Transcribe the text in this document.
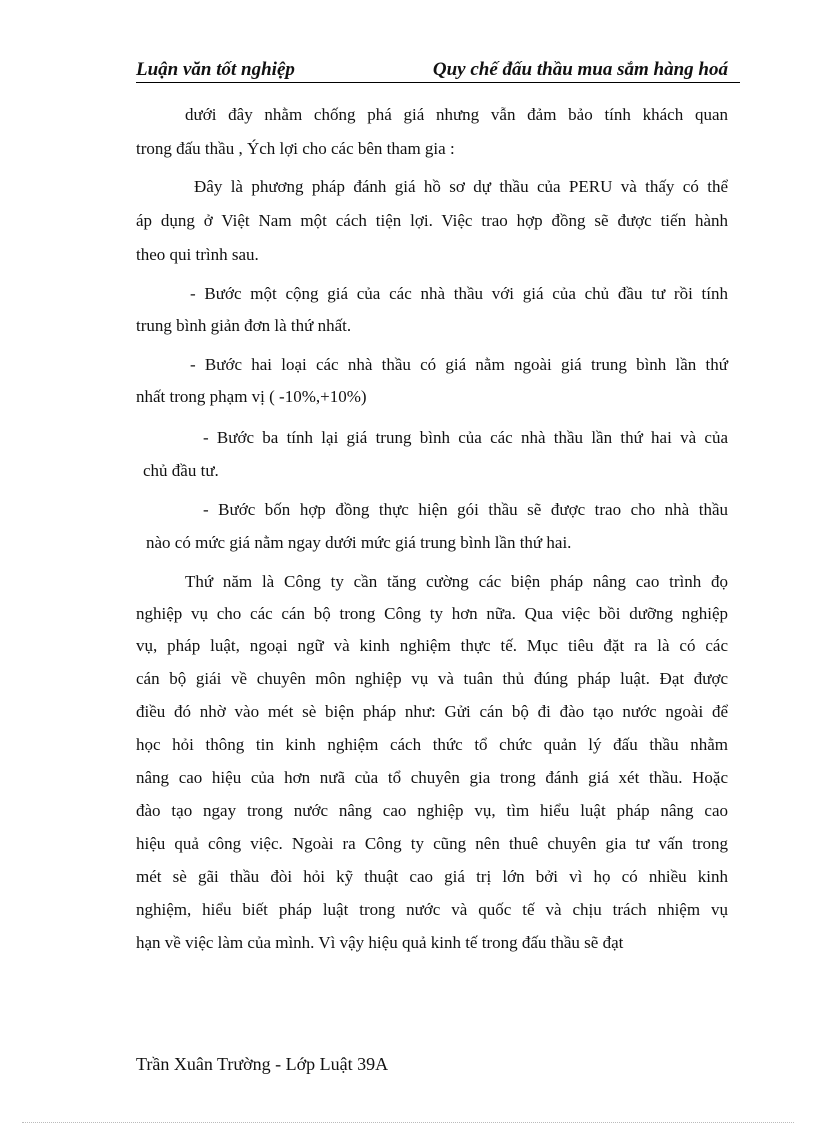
Luận văn tốt nghiệp	Quy chế đấu thầu mua sắm hàng hoá
dưới đây nhằm chống phá giá nhưng vẫn đảm bảo tính khách quan
trong đấu thầu , Ých lợi cho các bên tham gia :
Đây là phương pháp đánh giá hồ sơ dự thầu của PERU và thấy có thể
áp dụng ở Việt Nam một cách tiện lợi. Việc trao hợp đồng sẽ được tiến hành
theo qui trình sau.
- Bước một cộng giá của các nhà thầu với giá của chủ đầu tư rồi tính
trung bình giản đơn là thứ nhất.
- Bước hai loại các nhà thầu có giá nằm ngoài giá trung bình lần thứ
nhất trong phạm vị ( -10%,+10%)
- Bước ba tính lại giá trung bình của các nhà thầu lần thứ hai và của
chủ đầu tư.
- Bước bốn hợp đồng thực hiện gói thầu sẽ được trao cho nhà thầu
nào có mức giá nằm ngay dưới mức giá trung bình lần thứ hai.
Thứ năm là Công ty cần tăng cường các biện pháp nâng cao trình đọ
nghiệp vụ cho các cán bộ trong Công ty hơn nữa. Qua việc bồi dưỡng nghiệp
vụ, pháp luật, ngoại ngữ và kinh nghiệm thực tế. Mục tiêu đặt ra là có các
cán bộ giái về chuyên môn nghiệp vụ và tuân thủ đúng pháp luật. Đạt được
điều đó nhờ vào mét sè biện pháp như: Gửi cán bộ đi đào tạo nước ngoài để
học hỏi thông tin kinh nghiệm cách thức tổ chức quản lý đấu thầu nhằm
nâng cao hiệu của hơn nưã của tổ chuyên gia trong đánh giá xét thầu. Hoặc
đào tạo ngay trong nước nâng cao nghiệp vụ, tìm hiểu luật pháp nâng cao
hiệu quả công việc. Ngoài ra Công ty cũng nên thuê chuyên gia tư vấn trong
mét sè gãi thầu đòi hỏi kỹ thuật cao giá trị lớn bởi vì họ có nhiều kinh
nghiệm, hiểu biết pháp luật trong nước và quốc tế và chịu trách nhiệm vụ
hạn về việc làm của mình. Vì vậy hiệu quả kinh tế trong đấu thầu sẽ đạt
Trần Xuân Trường - Lớp Luật 39A
